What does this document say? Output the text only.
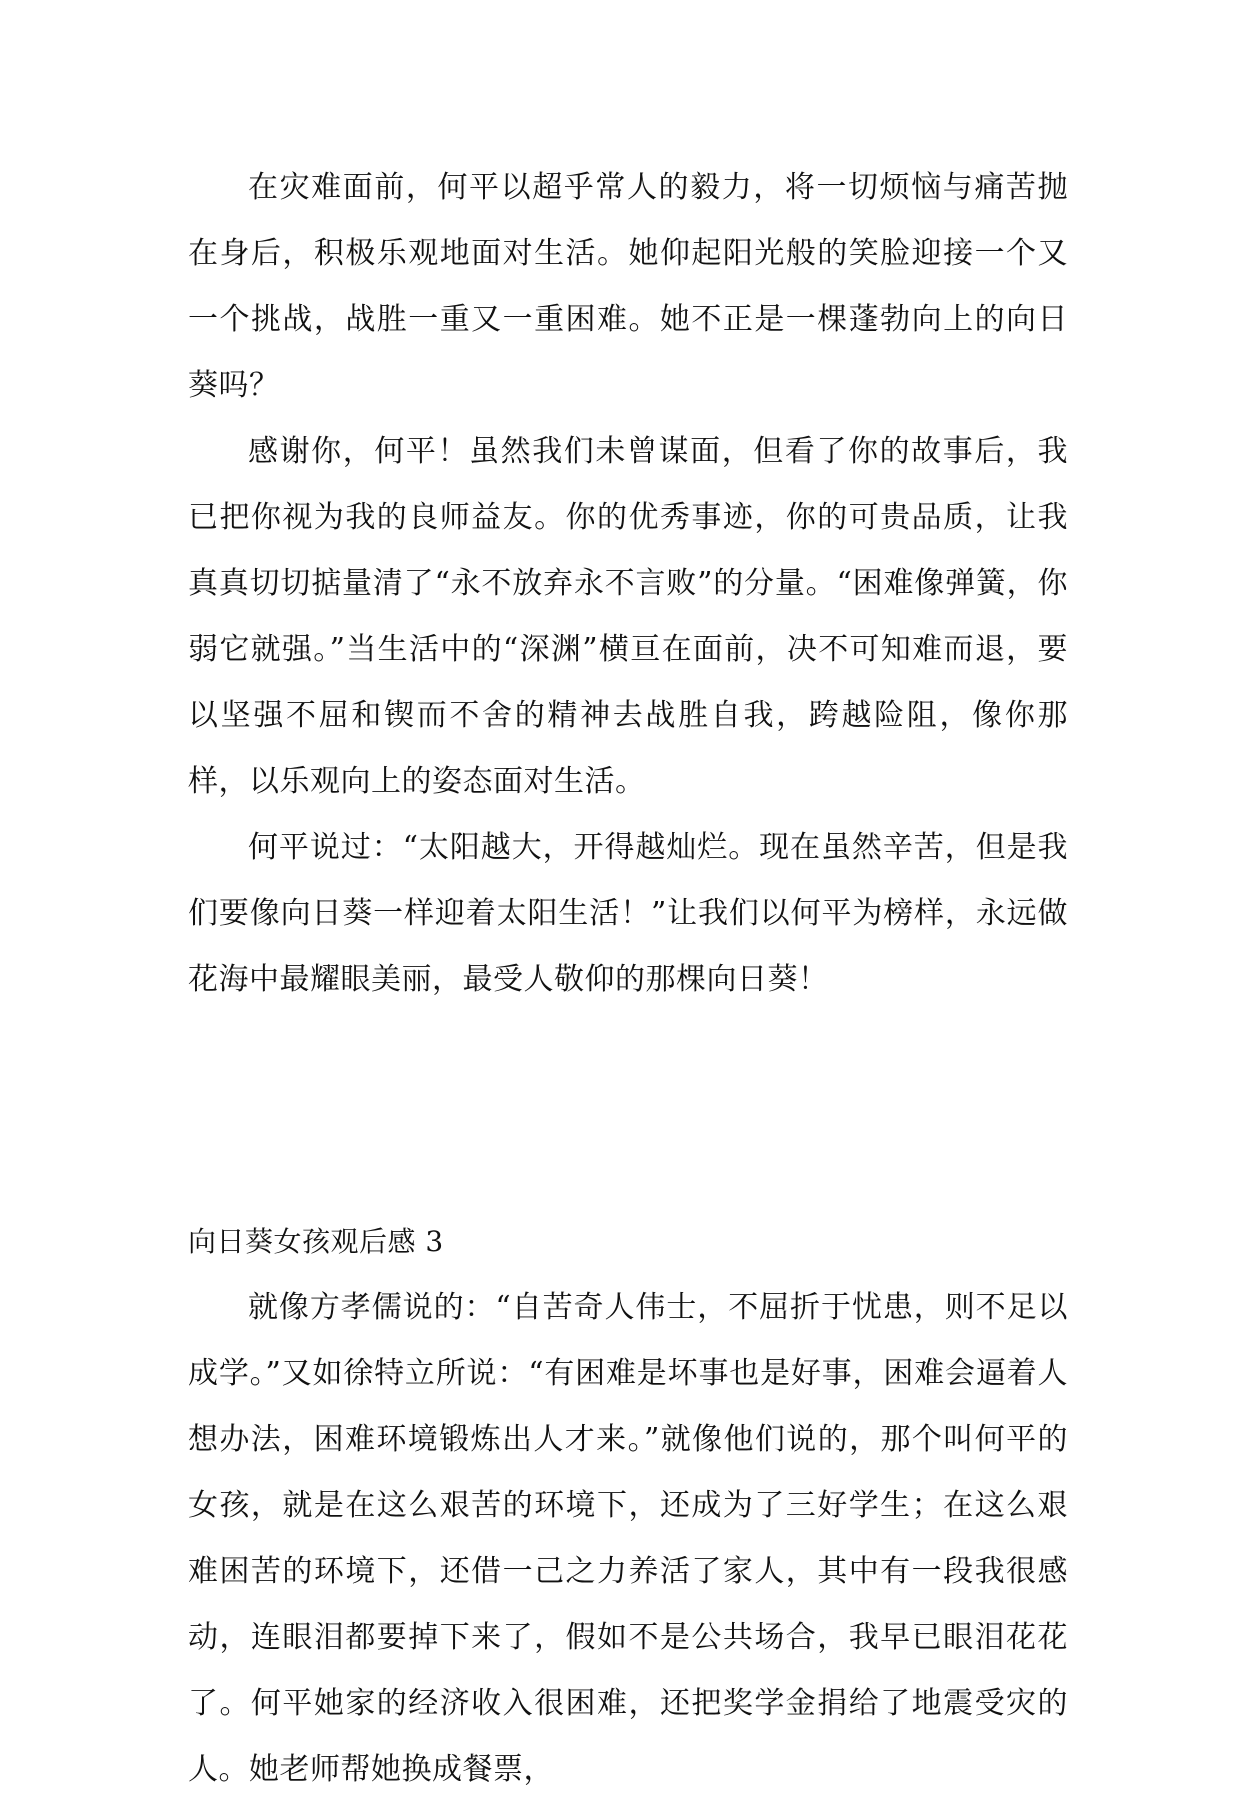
在灾难面前，何平以超乎常人的毅力，将一切烦恼与痛苦抛在身后，积极乐观地面对生活。她仰起阳光般的笑脸迎接一个又一个挑战，战胜一重又一重困难。她不正是一棵蓬勃向上的向日葵吗？

感谢你，何平！虽然我们未曾谋面，但看了你的故事后，我已把你视为我的良师益友。你的优秀事迹，你的可贵品质，让我真真切切掂量清了“永不放弃永不言败”的分量。“困难像弹簧，你弱它就强。”当生活中的“深渊”横亘在面前，决不可知难而退，要以坚强不屈和锲而不舍的精神去战胜自我，跨越险阻，像你那样，以乐观向上的姿态面对生活。

何平说过：“太阳越大，开得越灿烂。现在虽然辛苦，但是我们要像向日葵一样迎着太阳生活！”让我们以何平为榜样，永远做花海中最耀眼美丽，最受人敬仰的那棵向日葵！

向日葵女孩观后感 3

就像方孝儒说的：“自苦奇人伟士，不屈折于忧患，则不足以成学。”又如徐特立所说：“有困难是坏事也是好事，困难会逼着人想办法，困难环境锻炼出人才来。”就像他们说的，那个叫何平的女孩，就是在这么艰苦的环境下，还成为了三好学生；在这么艰难困苦的环境下，还借一己之力养活了家人，其中有一段我很感动，连眼泪都要掉下来了，假如不是公共场合，我早已眼泪花花了。何平她家的经济收入很困难，还把奖学金捐给了地震受灾的人。她老师帮她换成餐票，
